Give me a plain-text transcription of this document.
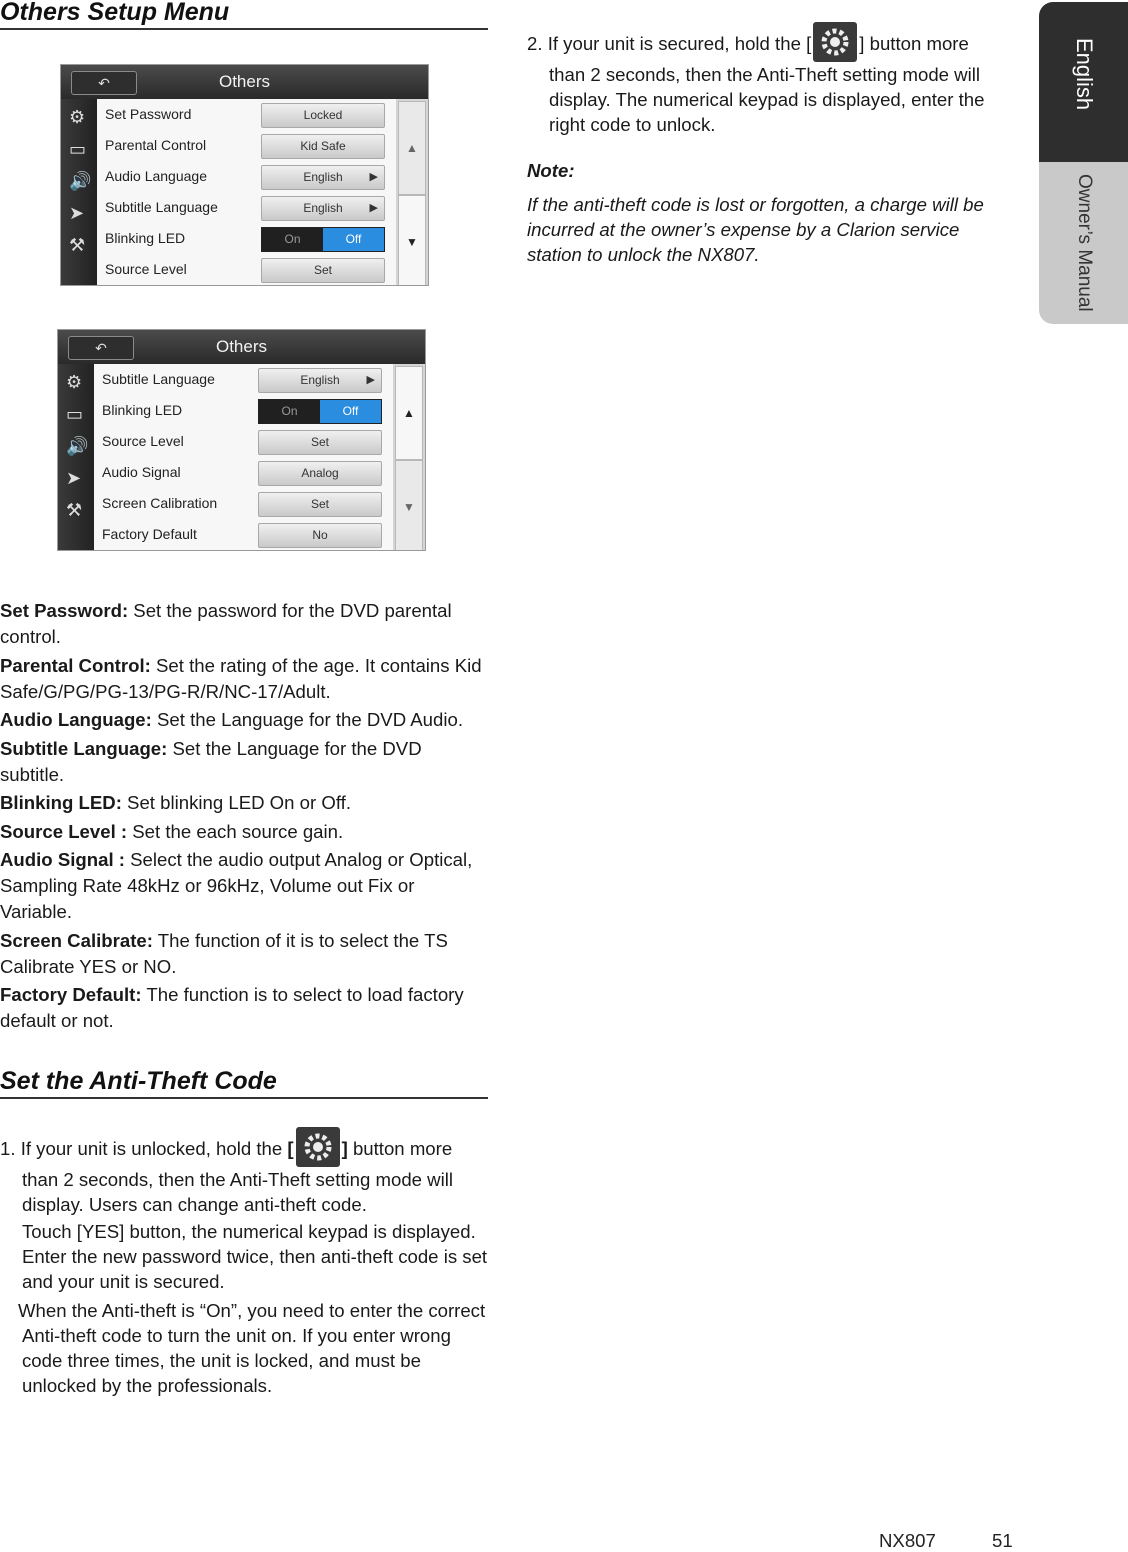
Others Setup Menu
↶	Others
⚙
▭
🔊
➤
⚒
Set Password	Locked
Parental Control	Kid Safe
Audio Language	English ▶
Subtitle Language	English ▶
Blinking LED	On	Off
Source Level	Set
▲
▼
↶	Others
⚙
▭
🔊
➤
⚒
Subtitle Language	English ▶
Blinking LED	On	Off
Source Level	Set
Audio Signal	Analog
Screen Calibration	Set
Factory Default	No
▲
▼

Set Password: Set the password for the DVD parental control.

Parental Control: Set the rating of the age. It contains Kid Safe/G/PG/PG-13/PG-R/R/NC-17/Adult.

Audio Language: Set the Language for the DVD Audio.

Subtitle Language: Set the Language for the DVD subtitle.

Blinking LED: Set blinking LED On or Off.

Source Level : Set the each source gain.

Audio Signal : Select the audio output Analog or Optical, Sampling Rate 48kHz or 96kHz, Volume out Fix or Variable.

Screen Calibrate: The function of it is to select the TS Calibrate YES or NO.

Factory Default: The function is to select to load factory default or not.

Set the Anti-Theft Code

1. If your unit is unlocked, hold the [	] button more than 2 seconds, then the Anti-Theft setting mode will display. Users can change anti-theft code.

Touch [YES] button, the numerical keypad is displayed. Enter the new password twice, then anti-theft code is set and your unit is secured.

When the Anti-theft is “On”, you need to enter the correct Anti-theft code to turn the unit on. If you enter wrong code three times, the unit is locked, and must be unlocked by the professionals.

2. If your unit is secured, hold the [	] button more than 2 seconds, then the Anti-Theft setting mode will display. The numerical keypad is displayed, enter the right code to unlock.

Note:
If the anti-theft code is lost or forgotten, a charge will be incurred at the owner’s expense by a Clarion service station to unlock the NX807.
English
Owner’s Manual
NX807	51
